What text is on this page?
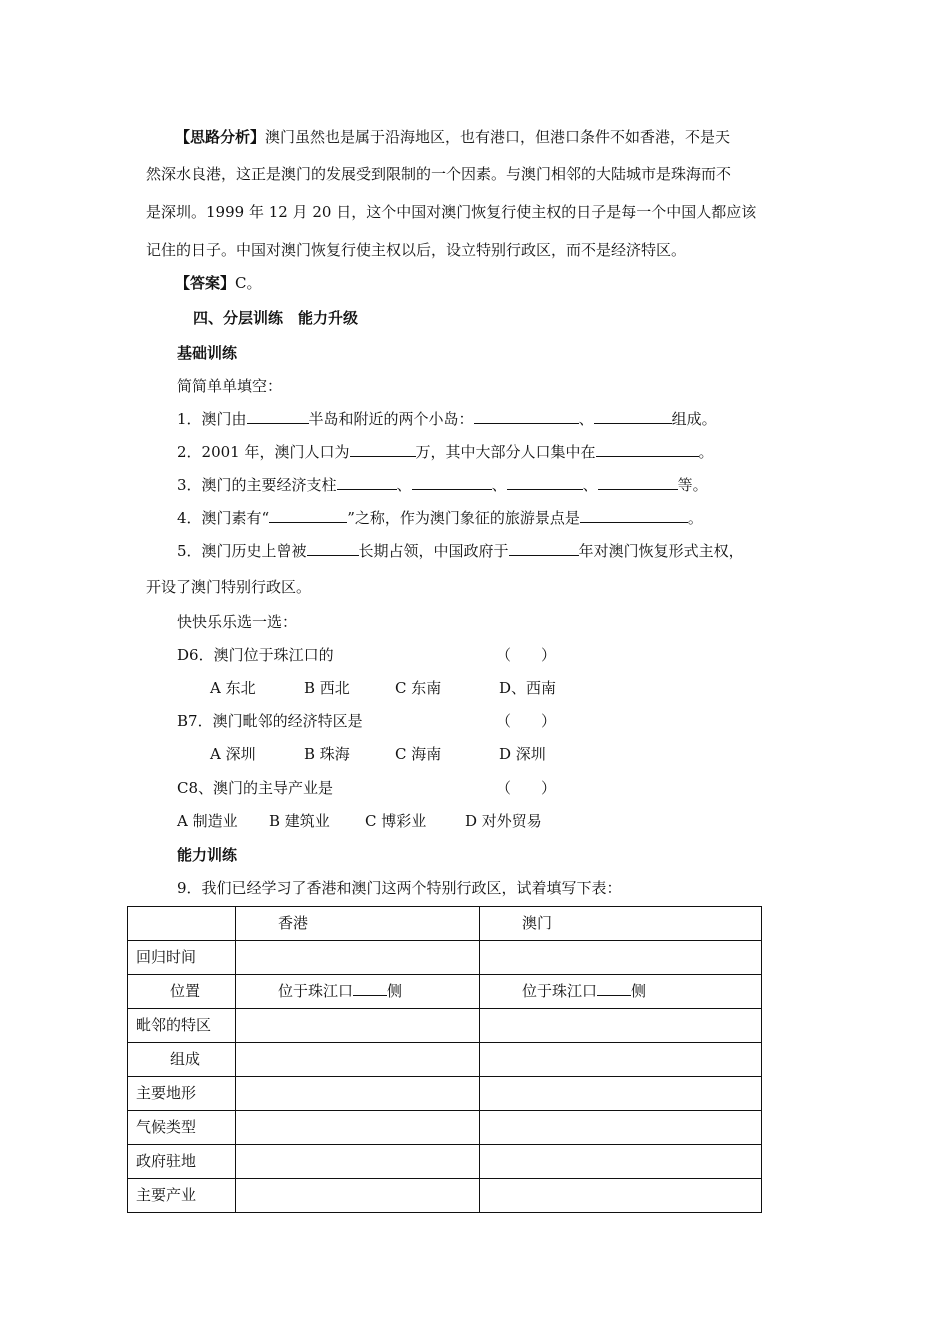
【思路分析】澳门虽然也是属于沿海地区，也有港口，但港口条件不如香港，不是天
然深水良港，这正是澳门的发展受到限制的一个因素。与澳门相邻的大陆城市是珠海而不
是深圳。1999 年 12 月 20 日，这个中国对澳门恢复行使主权的日子是每一个中国人都应该
记住的日子。中国对澳门恢复行使主权以后，设立特别行政区，而不是经济特区。
【答案】C。
四、分层训练　能力升级
基础训练
简简单单填空：
1．澳门由	半岛和附近的两个小岛：	、	组成。
2．2001 年，澳门人口为	万，其中大部分人口集中在	。
3．澳门的主要经济支柱	、	、	、	等。
4．澳门素有“	”之称，作为澳门象征的旅游景点是	。
5．澳门历史上曾被	长期占领，中国政府于	年对澳门恢复形式主权，
开设了澳门特别行政区。
快快乐乐选一选：
D6．澳门位于珠江口的	（　　）
A 东北	B 西北	C 东南	D、西南
B7．澳门毗邻的经济特区是	（　　）
A 深圳	B 珠海	C 海南	D 深圳
C8、澳门的主导产业是	（　　）
A 制造业 B 建筑业 C 博彩业	D 对外贸易
能力训练
9．我们已经学习了香港和澳门这两个特别行政区，试着填写下表：

	香港	澳门

回归时间		

位置	位于珠江口 侧	位于珠江口 侧

毗邻的特区		

组成		

主要地形		

气候类型		

政府驻地		

主要产业		
